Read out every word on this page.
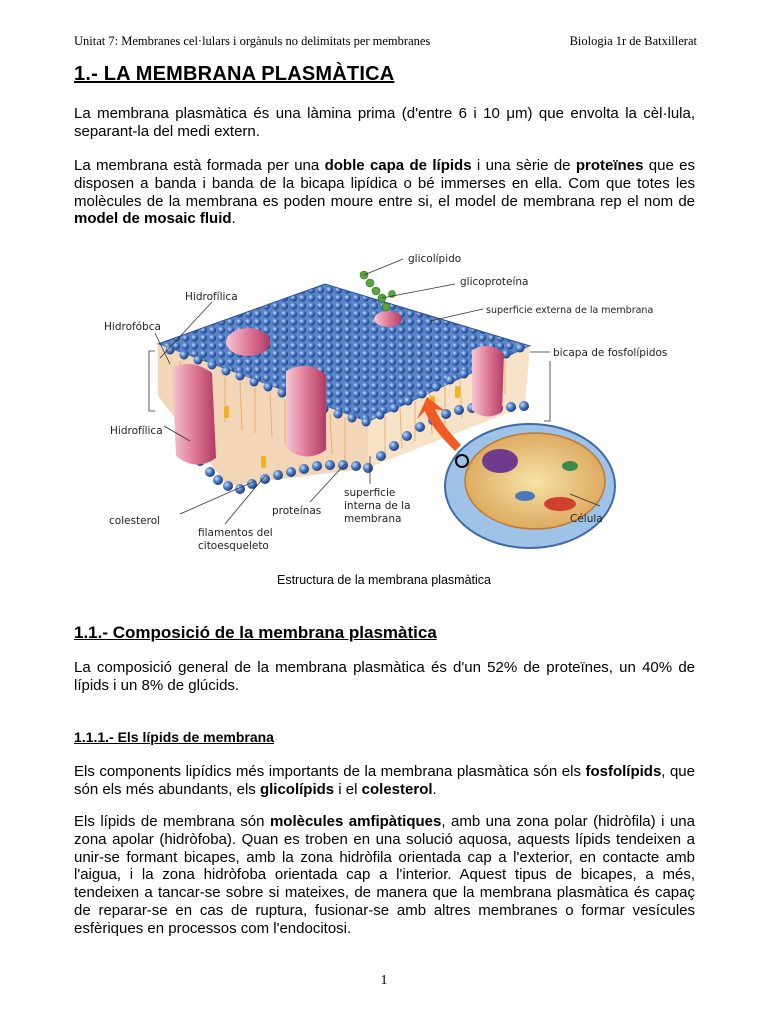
Unitat 7: Membranes cel·lulars i orgànuls no delimitats per membranes	Biologia 1r de Batxillerat
1.- LA MEMBRANA PLASMÀTICA

La membrana plasmàtica és una làmina prima (d'entre 6 i 10 μm) que envolta la cèl·lula, separant-la del medi extern.

La membrana està formada per una doble capa de lípids i una sèrie de proteïnes que es disposen a banda i banda de la bicapa lipídica o bé immerses en ella. Com que totes les molècules de la membrana es poden moure entre si, el model de membrana rep el nom de model de mosaic fluid.

glicolípido
glicoproteína
Hidrofílica
superficie externa de la membrana
Hidrofóbca
bicapa de fosfolípidos
Hidrofílica
superficie
interna de la
membrana
proteínas
colesterol
filamentos del
citoesqueleto
Célula
Estructura de la membrana plasmàtica
1.1.- Composició de la membrana plasmàtica

La composició general de la membrana plasmàtica és d'un 52% de proteïnes, un 40% de lípids i un 8% de glúcids.

1.1.1.- Els lípids de membrana

Els components lipídics més importants de la membrana plasmàtica són els fosfolípids, que són els més abundants, els glicolípids i el colesterol.

Els lípids de membrana són molècules amfipàtiques, amb una zona polar (hidròfila) i una zona apolar (hidròfoba). Quan es troben en una solució aquosa, aquests lípids tendeixen a unir-se formant bicapes, amb la zona hidròfila orientada cap a l'exterior, en contacte amb l'aigua, i la zona hidròfoba orientada cap a l'interior. Aquest tipus de bicapes, a més, tendeixen a tancar-se sobre si mateixes, de manera que la membrana plasmàtica és capaç de reparar-se en cas de ruptura, fusionar-se amb altres membranes o formar vesícules esfèriques en processos com l'endocitosi.

1
